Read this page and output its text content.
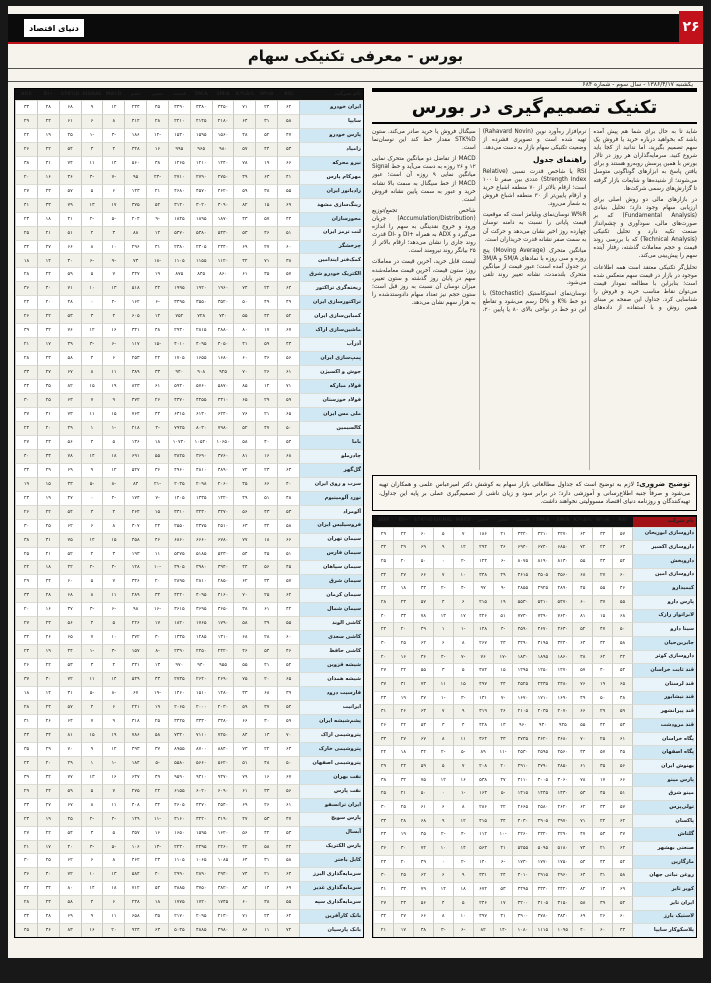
دنیای اقتصاد	۲۶
بورس - معرفی تکنیکی سهام
یکشنبه ۱۳۸۶/۴/۱۷ - سال سوم - شماره ۶۸۴
نام شرکت
RSI
W%R
%K/%A
3M/A
5M/A
قیمت
تغییر
حجم
MACD
SIGNAL
STK%D
+DI
ADX
ایران خودرو
۶۲
۲۴
۷۱
۳۴۵۰
۳۳۸۰
۳۴۹۰
۴۵
۲۳۴
۱۲
۹
۶۸
۲۸
۳۳
سایپا
۵۸
۳۱
۶۴
۲۱۸۰
۲۱۴۵
۲۲۱۰
۲۸
۴۱۲
۸
۶
۶۱
۲۴
۲۹
پارس خودرو
۴۷
۵۲
۴۸
۱۵۶۰
۱۵۹۵
۱۵۴۰
-۱۲
۱۸۶
-۳
-۱
۴۵
۱۹
۲۲
زامیاد
۵۳
۴۴
۵۷
۹۸۰
۹۶۵
۹۹۵
۱۶
۳۲۸
۴
۳
۵۴
۲۲
۲۶
نیرو محرکه
۶۶
۱۹
۷۸
۱۲۴۰
۱۲۱۰
۱۲۶۵
۳۸
۵۶۰
۱۴
۱۱
۷۴
۳۱
۳۸
مهرکام پارس
۴۱
۶۳
۳۹
۲۷۵۰
۲۷۹۰
۲۷۱۰
-۲۴
۹۵
-۷
-۴
۳۶
۱۶
۲۰
رادیاتور ایران
۵۵
۳۸
۵۹
۴۶۲۰
۴۵۷۰
۴۶۸۰
۲۱
۱۴۳
۶
۵
۵۷
۲۳
۲۷
رینگ‌سازی مشهد
۶۹
۱۵
۸۲
۳۰۹۰
۳۰۲۰
۳۱۴۰
۵۲
۳۷۵
۱۷
۱۳
۷۹
۳۳
۴۱
محورسازان
۴۴
۵۷
۴۳
۱۸۷۰
۱۸۹۵
۱۸۴۵
-۹
۲۰۴
-۵
-۲
۴۱
۱۸
۲۳
لنت ترمز ایران
۵۱
۴۶
۵۳
۵۴۳۰
۵۳۸۰
۵۴۷۰
۱۲
۸۸
۳
۲
۵۱
۲۱
۲۵
چرخشگر
۶۰
۲۷
۶۹
۲۳۴۰
۲۳۰۵
۲۳۸۰
۳۱
۲۹۶
۱۰
۸
۶۶
۲۷
۳۲
کمک‌فنر ایندامین
۳۸
۷۱
۳۲
۱۱۲۰
۱۱۵۵
۱۱۰۵
-۱۸
۷۳
-۹
-۶
۳۰
۱۴
۱۸
الکتریک خودرو شرق
۵۷
۳۵
۶۱
۸۶۰
۸۴۵
۸۷۵
۱۹
۴۴۷
۷
۵
۵۹
۲۴
۲۸
ریخته‌گری تراکتور
۶۴
۲۲
۷۴
۱۹۶۰
۱۹۲۰
۱۹۹۵
۴۲
۵۱۸
۱۳
۱۰
۷۱
۳۰
۳۶
تراکتورسازی ایران
۴۹
۴۹
۵۰
۳۵۲۰
۳۵۵۰
۳۴۹۵
-۶
۱۶۲
-۲
۰
۴۸
۲۰
۲۴
کمباین‌سازی ایران
۵۲
۴۲
۵۵
۷۴۰
۷۲۸
۷۵۲
۱۴
۶۰۵
۴
۳
۵۳
۲۲
۲۶
ماشین‌سازی اراک
۶۷
۱۷
۸۰
۲۸۸۰
۲۸۱۵
۲۹۳۰
۴۸
۳۴۱
۱۶
۱۲
۷۶
۳۲
۳۹
آذرآب
۴۳
۵۹
۴۱
۴۰۵۰
۴۰۹۵
۴۰۱۰
-۱۵
۱۱۷
-۶
-۳
۳۹
۱۷
۲۱
پمپ‌سازی ایران
۵۶
۳۶
۶۰
۱۶۸۰
۱۶۵۵
۱۷۰۵
۲۲
۲۵۳
۶
۴
۵۸
۲۳
۲۸
جوش و اکسیژن
۶۱
۲۶
۷۰
۹۲۵
۹۰۸
۹۴۰
۳۳
۳۸۹
۱۱
۸
۶۷
۲۷
۳۳
فولاد مبارکه
۷۱
۱۲
۸۵
۵۸۷۰
۵۷۶۰
۵۹۴۰
۶۱
۸۲۳
۱۹
۱۵
۸۲
۳۵
۴۴
فولاد خوزستان
۵۹
۲۹
۶۵
۴۳۱۰
۴۲۵۵
۴۳۷۰
۲۶
۴۷۲
۹
۷
۶۳
۲۵
۳۰
ملی مس ایران
۶۵
۲۱
۷۶
۶۲۴۰
۶۱۳۰
۶۳۱۵
۴۴
۷۶۴
۱۵
۱۱
۷۳
۳۱
۳۷
کالسیمین
۵۰
۴۷
۵۲
۷۹۸۰
۸۰۳۰
۷۹۲۵
-۴
۲۱۸
-۱
۱
۴۹
۲۰
۲۴
باما
۵۴
۴۰
۵۸
۱۰۶۵۰
۱۰۵۲۰
۱۰۷۴۰
۱۸
۱۳۶
۵
۴
۵۶
۲۳
۲۷
چادرملو
۶۸
۱۶
۸۱
۳۷۶۰
۳۶۹۰
۳۸۲۵
۵۵
۶۹۱
۱۸
۱۴
۷۸
۳۳
۴۰
گل‌گهر
۶۳
۲۳
۷۲
۴۸۹۰
۴۸۱۰
۴۹۶۰
۳۶
۵۲۷
۱۲
۹
۶۹
۲۹
۳۴
سرب و روی ایران
۴۰
۶۶
۳۵
۲۰۶۰
۲۰۹۸
۲۰۳۵
-۲۱
۸۴
-۸
-۵
۳۳
۱۵
۱۹
نورد آلومینیوم
۴۸
۵۱
۴۹
۱۴۲۰
۱۴۳۵
۱۴۰۵
-۷
۱۷۴
-۲
۰
۴۷
۱۹
۲۳
آلومراد
۵۳
۴۳
۵۶
۳۲۷۰
۳۲۳۰
۳۳۱۰
۱۵
۲۶۴
۴
۳
۵۴
۲۲
۲۶
فروسیلیس ایران
۵۸
۳۲
۶۳
۲۵۱۰
۲۴۷۵
۲۵۵۰
۲۴
۳۰۷
۸
۶
۶۲
۲۵
۳۰
سیمان تهران
۶۶
۱۸
۷۷
۶۷۸۰
۶۶۶۰
۶۸۶۰
۴۶
۴۵۸
۱۵
۱۲
۷۵
۳۱
۳۸
سیمان فارس
۵۱
۴۵
۵۴
۵۲۳۰
۵۱۸۵
۵۲۷۵
۱۱
۱۹۳
۳
۲
۵۲
۲۱
۲۵
سیمان سپاهان
۴۵
۵۶
۴۴
۳۹۴۰
۳۹۸۰
۳۹۰۵
-۱۰
۱۲۸
-۴
-۲
۴۲
۱۸
۲۲
سیمان شرق
۵۷
۳۴
۶۲
۲۸۵۰
۲۸۱۰
۲۸۹۵
۲۰
۳۴۶
۷
۵
۶۰
۲۴
۲۹
سیمان کرمان
۶۲
۲۵
۷۰
۴۱۶۰
۴۰۹۵
۴۲۲۰
۳۴
۲۸۹
۱۱
۸
۶۸
۲۸
۳۳
سیمان شمال
۴۲
۶۱
۳۸
۳۶۵۰
۳۶۹۵
۳۶۱۵
-۱۶
۹۸
-۶
-۳
۳۷
۱۶
۲۰
کاشی الوند
۵۵
۳۹
۵۸
۱۷۹۰
۱۷۶۵
۱۸۲۰
۱۷
۲۲۶
۵
۴
۵۶
۲۳
۲۷
کاشی سعدی
۶۰
۲۸
۶۸
۱۳۱۰
۱۲۸۵
۱۳۳۵
۳۰
۳۷۲
۱۰
۷
۶۵
۲۶
۳۲
کاشی حافظ
۴۶
۵۴
۴۶
۲۴۲۰
۲۴۵۰
۲۳۹۰
-۸
۱۵۷
-۳
-۱
۴۴
۱۹
۲۳
شیشه قزوین
۵۲
۴۱
۵۵
۹۵۵
۹۴۰
۹۷۰
۱۳
۴۳۱
۴
۳
۵۳
۲۲
۲۶
شیشه همدان
۶۵
۲۰
۷۵
۲۶۹۰
۲۶۴۰
۲۷۳۵
۴۳
۵۴۹
۱۴
۱۱
۷۲
۳۰
۳۷
فارسیت درود
۳۹
۶۸
۳۳
۱۴۸۰
۱۵۱۰
۱۴۶۰
-۱۹
۶۷
-۸
-۵
۳۱
۱۴
۱۸
ایرانیت
۵۴
۳۷
۵۹
۲۰۳۰
۲۰۰۰
۲۰۶۵
۱۹
۲۴۱
۶
۴
۵۷
۲۳
۲۸
پشم‌شیشه ایران
۵۹
۳۰
۶۶
۳۳۸۰
۳۳۳۰
۳۴۲۵
۲۵
۳۱۸
۹
۷
۶۴
۲۶
۳۱
پتروشیمی اراک
۷۰
۱۳
۸۴
۷۲۵۰
۷۱۱۰
۷۳۴۰
۵۸
۷۸۶
۱۹
۱۵
۸۱
۳۴
۴۳
پتروشیمی خارک
۶۳
۲۲
۷۳
۸۸۴۰
۸۷۰۰
۸۹۵۵
۳۷
۴۹۳
۱۲
۹
۷۰
۲۹
۳۵
پتروشیمی اصفهان
۵۰
۴۸
۵۱
۵۶۲۰
۵۶۶۰
۵۵۸۰
-۵
۱۸۴
-۱
۱
۴۹
۲۰
۲۴
نفت بهران
۶۷
۱۶
۷۹
۹۴۷۰
۹۳۱۰
۹۵۹۰
۴۹
۶۳۷
۱۶
۱۳
۷۷
۳۲
۳۹
نفت پارس
۵۶
۳۳
۶۱
۶۰۹۰
۶۰۲۰
۶۱۵۵
۲۲
۲۷۵
۷
۵
۵۹
۲۴
۲۹
ایران ترانسفو
۶۱
۲۶
۶۹
۴۵۴۰
۴۴۷۰
۴۶۰۵
۳۲
۴۰۸
۱۱
۸
۶۷
۲۷
۳۳
پارس سویچ
۴۷
۵۳
۴۷
۳۱۹۰
۳۲۲۰
۳۱۶۰
-۱۱
۱۴۹
-۴
-۲
۴۵
۱۹
۲۳
آبسال
۵۳
۴۲
۵۶
۱۶۲۰
۱۵۹۵
۱۶۵۰
۱۶
۳۵۷
۵
۳
۵۴
۲۲
۲۷
پارس الکتریک
۴۴
۵۸
۴۲
۲۲۶۰
۲۲۹۵
۲۲۳۰
-۱۳
۱۰۶
-۵
-۳
۴۰
۱۷
۲۱
کابل باختر
۵۸
۳۱
۶۴
۱۰۸۵
۱۰۶۵
۱۱۰۵
۲۳
۴۶۲
۸
۶
۶۲
۲۵
۳۰
سرمایه‌گذاری البرز
۶۴
۲۱
۷۴
۲۹۴۰
۲۸۹۰
۲۹۹۰
۴۰
۵۸۴
۱۳
۱۰
۷۲
۳۰
۳۶
سرمایه‌گذاری غدیر
۶۹
۱۴
۸۳
۳۸۲۰
۳۷۵۰
۳۸۸۵
۵۴
۷۱۲
۱۸
۱۴
۸۰
۳۴
۴۲
سرمایه‌گذاری سپه
۵۵
۳۸
۶۰
۱۷۴۵
۱۷۲۰
۱۷۷۵
۱۸
۲۳۸
۶
۴
۵۸
۲۳
۲۸
بانک کارآفرین
۶۲
۲۴
۷۱
۲۱۳۰
۲۰۹۵
۲۱۷۰
۳۵
۶۵۸
۱۱
۹
۶۹
۲۸
۳۴
بانک پارسیان
۷۲
۱۱
۸۶
۴۹۸۰
۴۸۸۵
۵۰۴۵
۶۳
۹۲۴
۲۰
۱۶
۸۳
۳۶
۴۵
تکنیک تصمیم‌گیری در بورس

شاید تا به حال برای شما هم پیش آمده باشد که بخواهید درباره خرید یا فروش یک سهم تصمیم بگیرید، اما ندانید از کجا باید شروع کنید. سرمایه‌گذاران هر روز در تالار بورس با همین پرسش روبه‌رو هستند و برای یافتن پاسخ به ابزارهای گوناگونی متوسل می‌شوند؛ از شنیده‌ها و شایعات بازار گرفته تا گزارش‌های رسمی شرکت‌ها.

در بازارهای مالی دو روش اصلی برای ارزیابی سهام وجود دارد؛ تحلیل بنیادی (Fundamental Analysis) که بر صورت‌های مالی، سودآوری و چشم‌انداز صنعت تکیه دارد و تحلیل تکنیکی (Technical Analysis) که با بررسی روند قیمت و حجم معاملات گذشته، رفتار آینده سهم را پیش‌بینی می‌کند.

تحلیل‌گر تکنیکی معتقد است همه اطلاعات موجود در بازار در قیمت سهم منعکس شده است؛ بنابراین با مطالعه نمودار قیمت می‌توان نقاط مناسب خرید و فروش را شناسایی کرد. جداول این صفحه بر مبنای همین روش و با استفاده از داده‌های نرم‌افزار ره‌آورد نوین (Rahavard Novin) تهیه شده است و تصویری فشرده از وضعیت تکنیکی سهام بازار به دست می‌دهد.

راهنمای جدول

RSI یا شاخص قدرت نسبی (Relative Strength Index) عددی بین صفر تا ۱۰۰ است؛ ارقام بالاتر از ۷۰ منطقه اشباع خرید و ارقام پایین‌تر از ۳۰ منطقه اشباع فروش به شمار می‌رود.

W%R نوسان‌نمای ویلیامز است که موقعیت قیمت پایانی را نسبت به دامنه نوسان چهارده روز اخیر نشان می‌دهد و حرکت آن به سمت صفر نشانه قدرت خریداران است.

میانگین متحرک (Moving Average) پنج روزه و سی روزه با نمادهای 5M/A و 3M/A در جدول آمده است؛ عبور قیمت از میانگین متحرک بلندمدت، نشانه تغییر روند تلقی می‌شود.

نوسان‌نمای استوکاستیک (Stochastic) با دو خط %K و %D رسم می‌شود و تقاطع این دو خط در نواحی بالای ۸۰ یا پایین ۲۰، سیگنال فروش یا خرید صادر می‌کند. ستون STK%D مقدار خط کند این نوسان‌نما است.

MACD از تفاضل دو میانگین متحرک نمایی ۱۲ و ۲۶ روزه به دست می‌آید و خط Signal میانگین نمایی ۹ روزه آن است؛ عبور MACD از خط سیگنال به سمت بالا نشانه خرید و عبور به سمت پایین نشانه فروش است.

شاخص تجمع/توزیع (Accumulation/Distribution) جریان ورود و خروج نقدینگی به سهم را اندازه می‌گیرد و ADX به همراه +DI و -DI قدرت روند جاری را نشان می‌دهد؛ ارقام بالاتر از ۲۵ بیانگر روند نیرومند است.

لیست قابل خرید، آخرین قیمت در معاملات روز: ستون قیمت، آخرین قیمت معامله‌شده سهم در پایان روز گذشته و ستون تغییر، میزان نوسان آن نسبت به روز قبل است؛ ستون حجم نیز تعداد سهام دادوستدشده را به هزار سهم نشان می‌دهد.

توضیح ضروری: لازم به توضیح است که جداول مطالعاتی بازار سهام به کوشش دکتر امیرعباس علمی و همکاران تهیه می‌شود و صرفاً جنبه اطلاع‌رسانی و آموزشی دارد؛ در برابر سود و زیان ناشی از تصمیم‌گیری عملی بر پایه این جداول، تهیه‌کنندگان و روزنامه دنیای اقتصاد مسوولیتی نخواهند داشت.
نام شرکت
RSI
W%R
%K/%A
3M/A
5M/A
قیمت
تغییر
حجم
MACD
SIGNAL
STK%D
+DI
ADX
داروسازی ابوریحان
۵۷
۳۴
۶۲
۴۲۷۰
۴۲۱۰
۴۳۲۰
۲۱
۱۸۶
۷
۵
۶۰
۲۴
۲۹
داروسازی اکسیر
۶۳
۲۳
۷۲
۶۸۵۰
۶۷۴۰
۶۹۴۰
۳۶
۲۹۴
۱۲
۹
۶۹
۲۹
۳۴
داروپخش
۵۲
۴۳
۵۵
۸۱۳۰
۸۱۹۰
۸۰۷۵
-۶
۱۲۴
-۲
۰
۵۰
۲۰
۲۵
داروسازی امین
۶۰
۲۷
۶۸
۳۵۶۰
۳۵۰۵
۳۶۱۵
۲۹
۳۴۸
۱۰
۷
۶۶
۲۷
۳۲
کیمیدارو
۴۶
۵۵
۴۵
۲۸۹۰
۲۹۲۵
۲۸۵۵
-۹
۹۷
-۴
-۲
۴۳
۱۸
۲۲
پارس دارو
۵۵
۳۷
۶۰
۵۴۷۰
۵۴۱۰
۵۵۳۰
۱۹
۲۱۵
۶
۴
۵۷
۲۳
۲۸
لابراتوار رازک
۶۸
۱۵
۸۱
۷۶۲۰
۷۴۹۰
۷۷۳۰
۵۱
۴۲۶
۱۷
۱۳
۷۸
۳۳
۴۰
سینا دارو
۵۰
۴۷
۵۲
۴۶۳۰
۴۶۷۰
۴۵۹۰
-۴
۱۴۸
-۱
۱
۴۹
۲۰
۲۴
جابربن‌حیان
۵۸
۳۲
۶۴
۳۲۴۰
۳۱۹۵
۳۲۹۰
۲۳
۲۶۷
۸
۶
۶۲
۲۵
۳۰
داروسازی کوثر
۴۲
۶۲
۳۸
۱۸۶۰
۱۸۹۵
۱۸۳۰
-۱۷
۷۶
-۷
-۴
۳۶
۱۶
۲۰
قند ثابت خراسان
۵۴
۴۰
۵۷
۱۲۷۰
۱۲۵۰
۱۲۹۵
۱۵
۳۸۲
۵
۳
۵۵
۲۲
۲۷
قند لرستان
۶۵
۱۹
۷۶
۲۴۸۰
۲۴۳۵
۲۵۲۵
۴۴
۴۹۷
۱۵
۱۱
۷۳
۳۱
۳۷
قند نیشابور
۴۸
۵۰
۴۹
۱۶۹۰
۱۷۱۰
۱۶۷۰
-۷
۱۳۱
-۳
-۱
۴۷
۱۹
۲۳
قند پیرانشهر
۵۹
۲۹
۶۶
۲۰۷۰
۲۰۳۵
۲۱۰۵
۲۶
۳۱۹
۹
۷
۶۳
۲۶
۳۱
قند مرودشت
۵۳
۴۲
۵۵
۹۴۵
۹۳۰
۹۶۰
۱۳
۴۲۸
۴
۳
۵۳
۲۲
۲۶
پگاه خراسان
۶۱
۲۵
۷۰
۳۶۸۰
۳۶۲۰
۳۷۳۵
۳۳
۳۶۴
۱۱
۸
۶۷
۲۷
۳۳
پگاه اصفهان
۴۵
۵۷
۴۴
۲۵۶۰
۲۵۹۵
۲۵۳۰
-۱۱
۸۹
-۵
-۲
۴۲
۱۸
۲۲
بهنوش ایران
۵۶
۳۵
۶۱
۴۸۵۰
۴۷۹۰
۴۹۱۰
۲۰
۲۰۸
۷
۵
۵۹
۲۴
۲۹
پارس مینو
۶۶
۱۷
۷۸
۳۰۶۰
۳۰۰۵
۳۱۱۰
۴۷
۵۳۸
۱۶
۱۲
۷۵
۳۲
۳۸
مینو شرق
۵۱
۴۵
۵۳
۱۴۳۰
۱۴۴۵
۱۴۱۵
-۵
۱۶۳
-۱
۰
۵۰
۲۱
۲۵
تولی‌پرس
۵۷
۳۳
۶۲
۲۶۲۰
۲۵۸۰
۲۶۶۵
۲۲
۲۸۶
۸
۶
۶۱
۲۵
۳۰
پاکسان
۶۲
۲۴
۷۱
۳۹۷۰
۳۹۰۵
۴۰۳۰
۳۴
۴۱۵
۱۲
۹
۶۸
۲۸
۳۳
گلتاش
۴۷
۵۳
۴۷
۲۲۹۰
۲۳۲۰
۲۲۶۰
-۱۰
۱۱۲
-۴
-۲
۴۵
۱۹
۲۳
صنعتی بهشهر
۶۴
۲۱
۷۴
۵۱۸۰
۵۰۹۵
۵۲۵۵
۴۱
۵۶۳
۱۴
۱۰
۷۲
۳۰
۳۶
مارگارین
۵۲
۴۴
۵۴
۱۷۵۰
۱۷۷۰
۱۷۳۰
-۶
۱۴۰
-۲
۰
۴۹
۲۰
۲۴
روغن نباتی جهان
۵۸
۳۱
۶۴
۲۹۶۰
۲۹۱۵
۳۰۱۰
۲۴
۳۳۱
۹
۶
۶۲
۲۵
۳۰
کویر تایر
۶۹
۱۴
۸۲
۴۴۲۰
۴۳۴۰
۴۴۹۵
۵۳
۶۷۲
۱۸
۱۴
۷۹
۳۳
۴۱
ایران تایر
۵۴
۳۹
۵۸
۳۱۵۰
۳۱۰۵
۳۲۰۰
۱۷
۲۴۶
۵
۴
۵۶
۲۳
۲۷
لاستیک بارز
۶۰
۲۶
۶۹
۳۸۴۰
۳۷۸۰
۳۹۰۰
۳۱
۳۹۷
۱۰
۸
۶۶
۲۷
۳۲
پلاسکوکار سایپا
۴۳
۶۰
۴۰
۱۰۹۵
۱۱۱۵
۱۰۸۰
-۱۴
۸۲
-۶
-۳
۳۸
۱۷
۲۱
